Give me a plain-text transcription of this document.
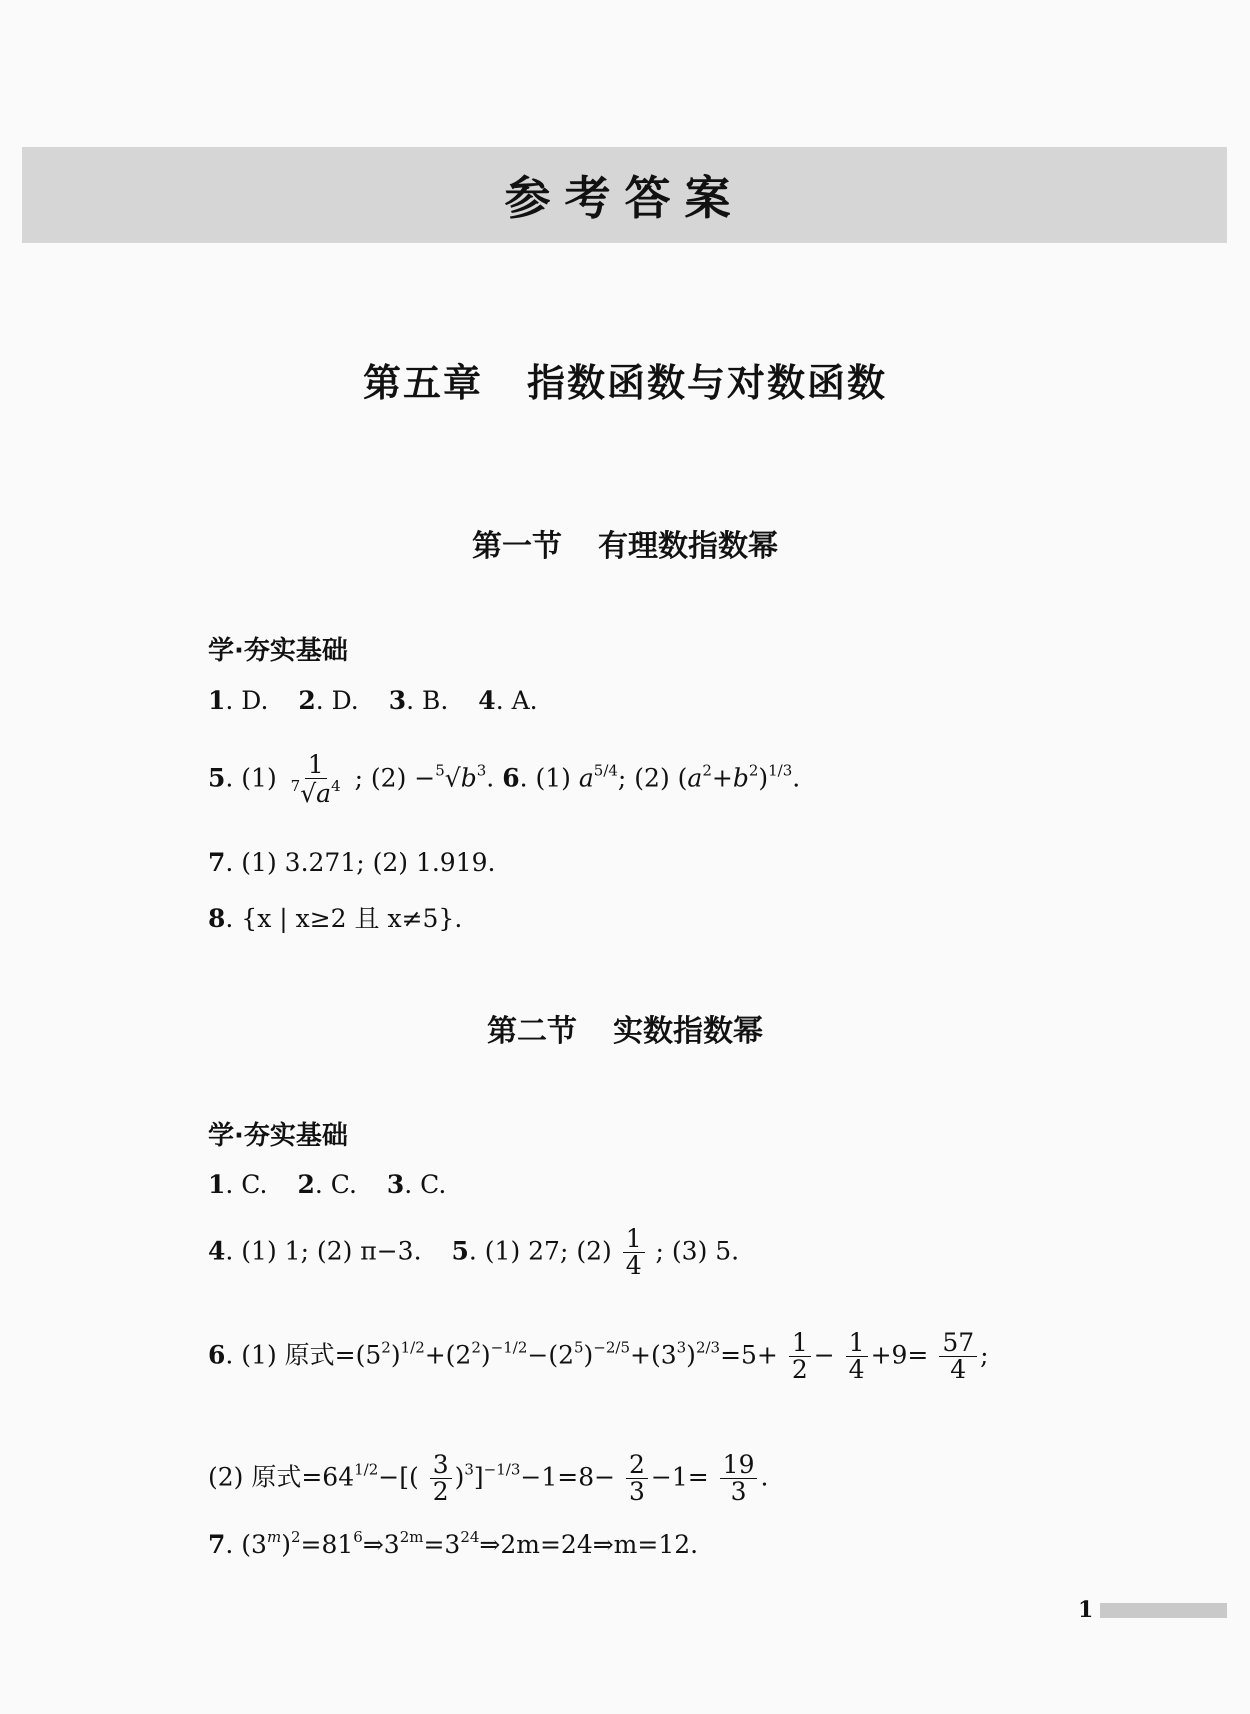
参考答案
第五章 指数函数与对数函数
第一节 有理数指数幂
学·夯实基础
1. D. 2. D. 3. B. 4. A.
5. $(1) \frac{1}{^7√a^4}$ ; $(2) -^5√b^3$. 6. (1) $a^{5/4}$; (2) $(a^2+b^2)^{1/3}$.
7. (1) 3.271; (2) 1.919.
8. {x | x≥2 且 x≠5}.
第二节 实数指数幂
学·夯实基础
1. C. 2. C. 3. C.
4. (1) 1; (2) π−3. 5. (1) 27; $(2) \frac{1}{4}$ ; (3) 5.
6. (1) 原式$=(5^2)^{1/2}+(2^2)^{-1/2}-(2^5)^{-2/5}+(3^3)^{2/3}=5+ \frac{1}{2} - \frac{1}{4} +9= \frac{57}{4}$ ;
(2) 原式$=64^{1/2}-[( \frac{3}{2} )^3]^{-1/3}-1=8- \frac{2}{3} -1= \frac{19}{3}$ .
7. $(3^m)^2=81^6\Rightarrow 3^{2m}=3^{24}\Rightarrow 2m=24\Rightarrow m=12$.
1
